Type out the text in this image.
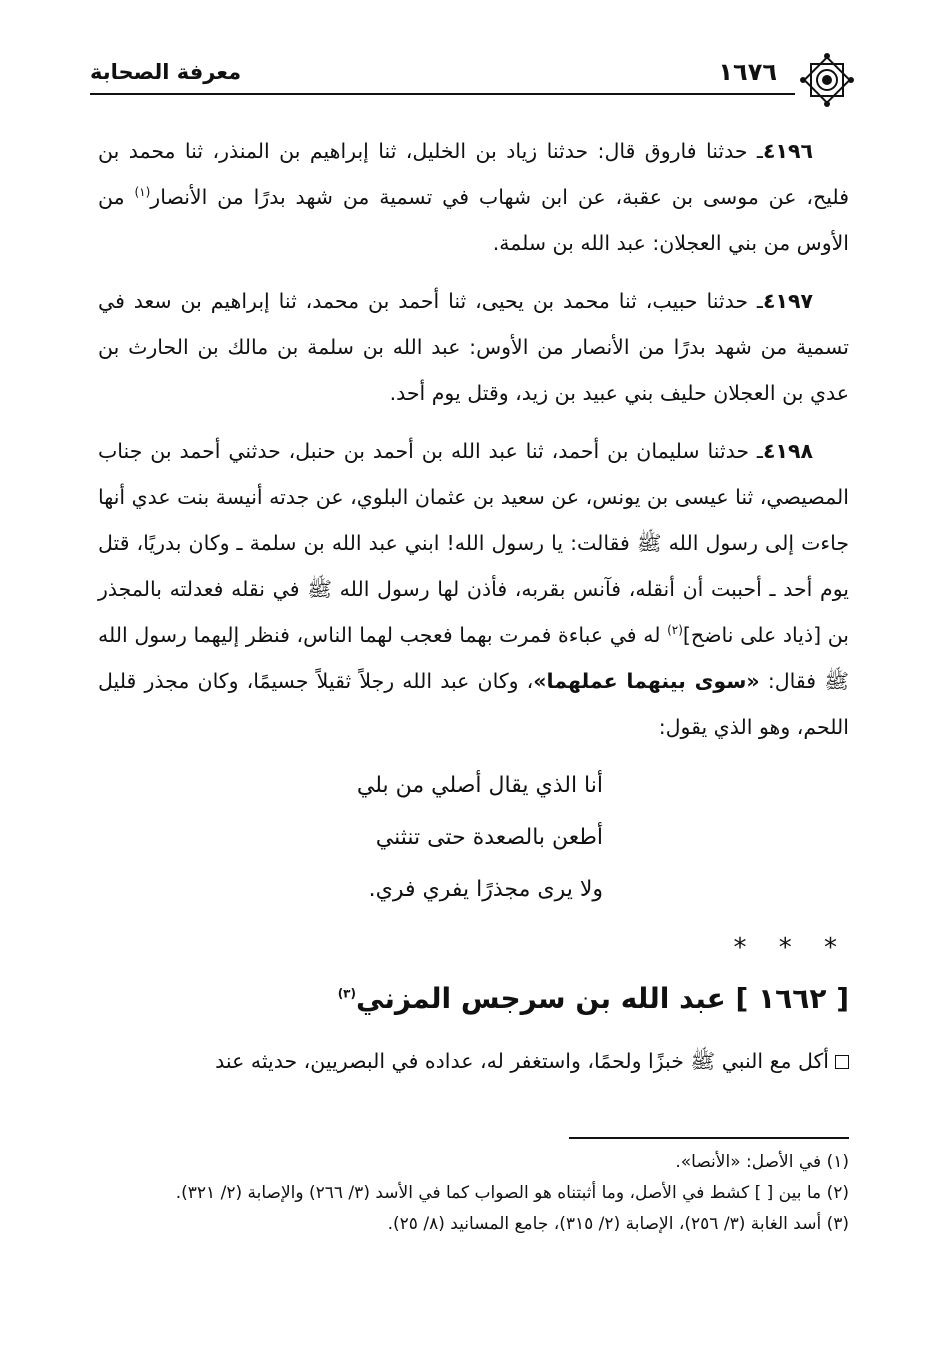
١٦٧٦
معرفة الصحابة

٤١٩٦ـ حدثنا فاروق قال: حدثنا زياد بن الخليل، ثنا إبراهيم بن المنذر، ثنا محمد بن فليح، عن موسى بن عقبة، عن ابن شهاب في تسمية من شهد بدرًا من الأنصار$^{(١)}$ من الأوس من بني العجلان: عبد الله بن سلمة.

٤١٩٧ـ حدثنا حبيب، ثنا محمد بن يحيى، ثنا أحمد بن محمد، ثنا إبراهيم بن سعد في تسمية من شهد بدرًا من الأنصار من الأوس: عبد الله بن سلمة بن مالك بن الحارث بن عدي بن العجلان حليف بني عبيد بن زيد، وقتل يوم أحد.

٤١٩٨ـ حدثنا سليمان بن أحمد، ثنا عبد الله بن أحمد بن حنبل، حدثني أحمد بن جناب المصيصي، ثنا عيسى بن يونس، عن سعيد بن عثمان البلوي، عن جدته أنيسة بنت عدي أنها جاءت إلى رسول الله ﷺ فقالت: يا رسول الله! ابني عبد الله بن سلمة ـ وكان بدريًا، قتل يوم أحد ـ أحببت أن أنقله، فآنس بقربه، فأذن لها رسول الله ﷺ في نقله فعدلته بالمجذر بن [ذياد على ناضح]$^{(٢)}$ له في عباءة فمرت بهما فعجب لهما الناس، فنظر إليهما رسول الله ﷺ فقال: «سوى بينهما عملهما»، وكان عبد الله رجلاً ثقيلاً جسيمًا، وكان مجذر قليل اللحم، وهو الذي يقول:

أنا الذي يقال أصلي من بلي
أطعن بالصعدة حتى تنثني
ولا يرى مجذرًا يفري فري.
* * *
[ ١٦٦٢ ] عبد الله بن سرجس المزني$^{(٣)}$

أكل مع النبي ﷺ خبزًا ولحمًا، واستغفر له، عداده في البصريين، حديثه عند

(١) في الأصل: «الأنصا».

(٢) ما بين [ ] كشط في الأصل، وما أثبتناه هو الصواب كما في الأسد (٣/ ٢٦٦) والإصابة (٢/ ٣٢١).

(٣) أسد الغابة (٣/ ٢٥٦)، الإصابة (٢/ ٣١٥)، جامع المسانيد (٨/ ٢٥).
